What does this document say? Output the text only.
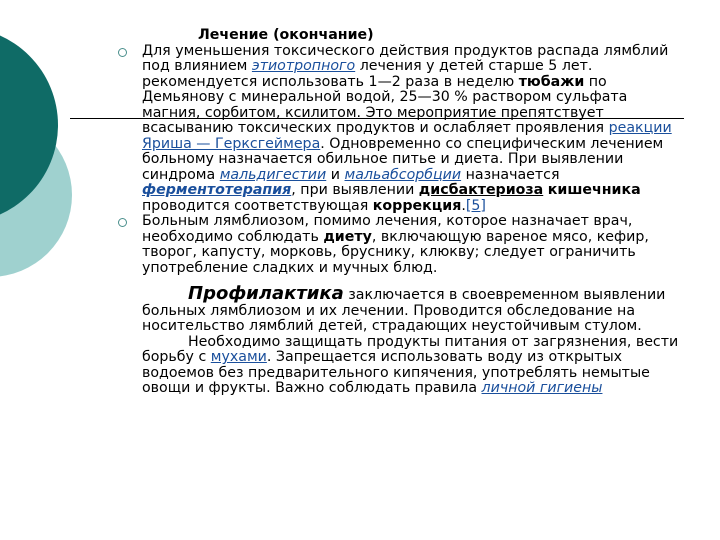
Лечение (окончание)
Для уменьшения токсического действия продуктов распада лямблий под влиянием этиотропного лечения у детей старше 5 лет. рекомендуется использовать 1—2 раза в неделю тюбажи по Демьянову с минеральной водой, 25—30 % раствором сульфата магния, сорбитом, ксилитом. Это мероприятие препятствует всасыванию токсических продуктов и ослабляет проявления реакции Яриша — Герксгеймера. Одновременно со специфическим лечением больному назначается обильное питье и диета. При выявлении синдрома мальдигестии и мальабсорбции назначается ферментотерапия, при выявлении дисбактериоза кишечника проводится соответствующая коррекция.[5]
Больным лямблиозом, помимо лечения, которое назначает врач, необходимо соблюдать диету, включающую вареное мясо, кефир, творог, капусту, морковь, бруснику, клюкву; следует ограничить употребление сладких и мучных блюд.
Профилактика заключается в своевременном выявлении больных лямблиозом и их лечении. Проводится обследование на носительство лямблий детей, страдающих неустойчивым стулом.
Необходимо защищать продукты питания от загрязнения, вести борьбу с мухами. Запрещается использовать воду из открытых водоемов без предварительного кипячения, употреблять немытые овощи и фрукты. Важно соблюдать правила личной гигиены
